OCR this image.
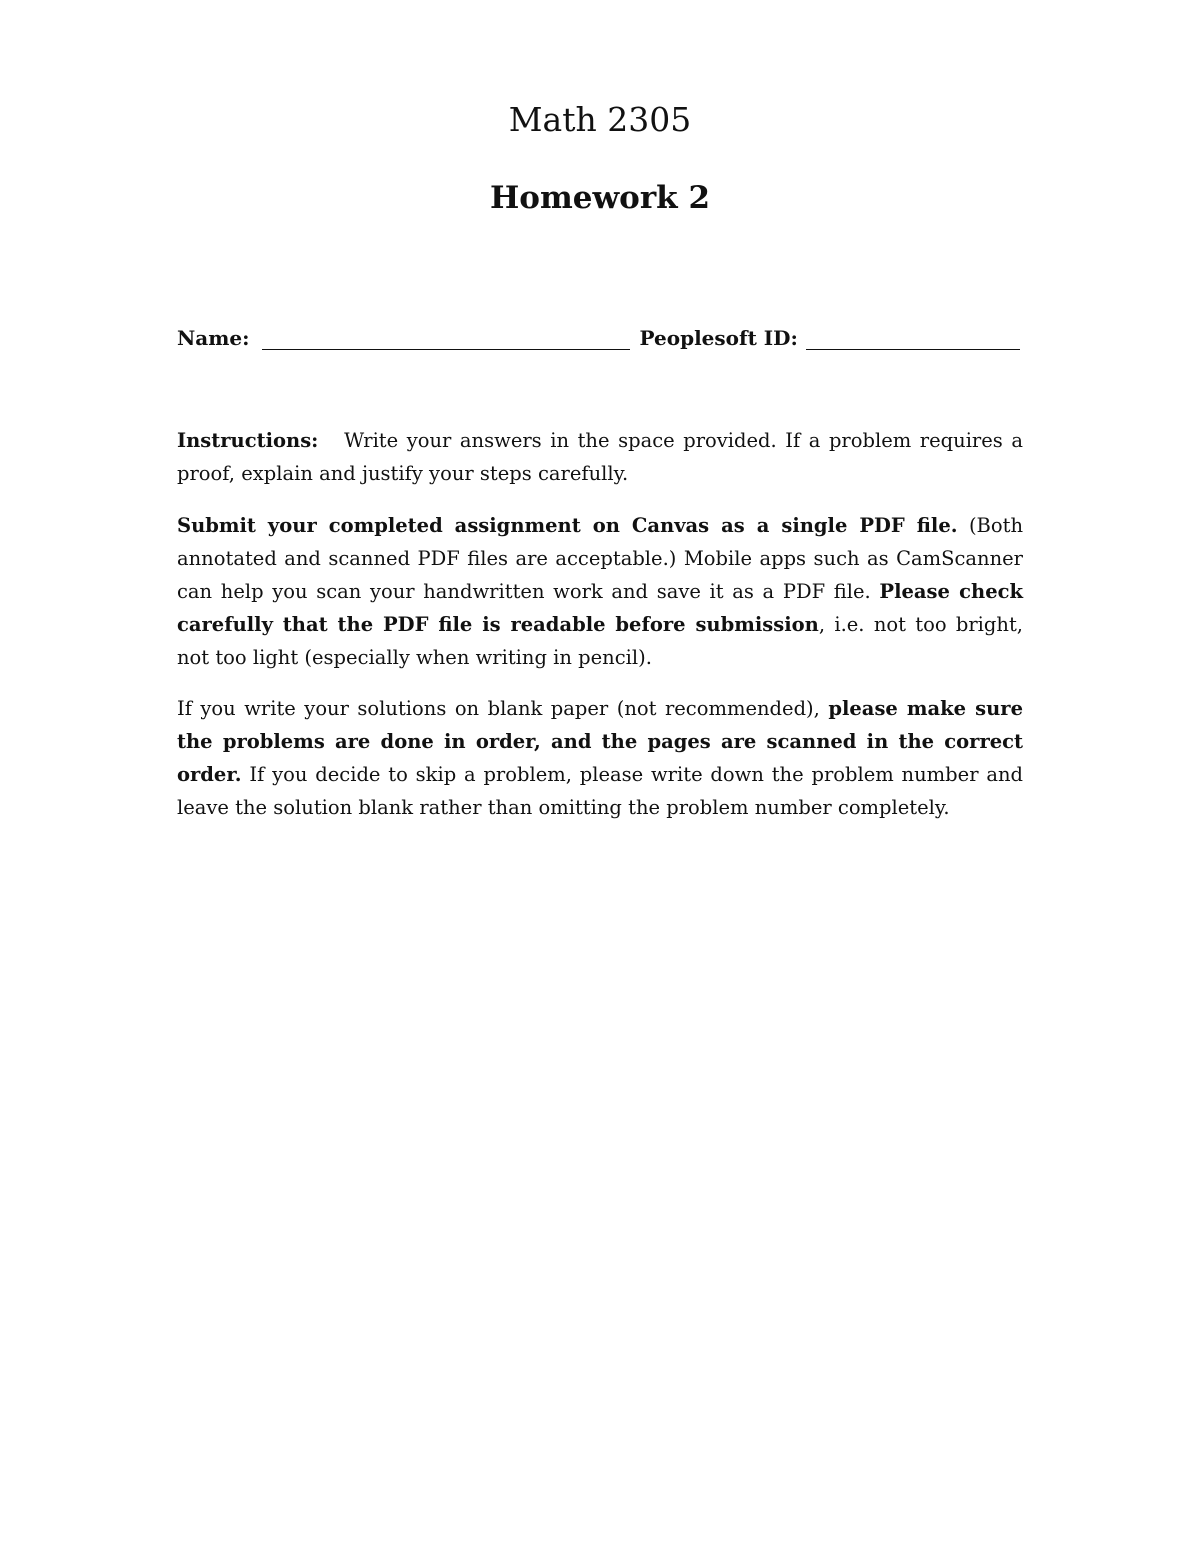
Math 2305
Homework 2
Name:	Peoplesoft ID:

Instructions: Write your answers in the space provided. If a problem requires a proof, explain and justify your steps carefully.

Submit your completed assignment on Canvas as a single PDF file. (Both annotated and scanned PDF files are acceptable.) Mobile apps such as CamScanner can help you scan your handwritten work and save it as a PDF file. Please check carefully that the PDF file is readable before submission, i.e. not too bright, not too light (especially when writing in pencil).

If you write your solutions on blank paper (not recommended), please make sure the problems are done in order, and the pages are scanned in the correct order. If you decide to skip a problem, please write down the problem number and leave the solution blank rather than omitting the problem number completely.
